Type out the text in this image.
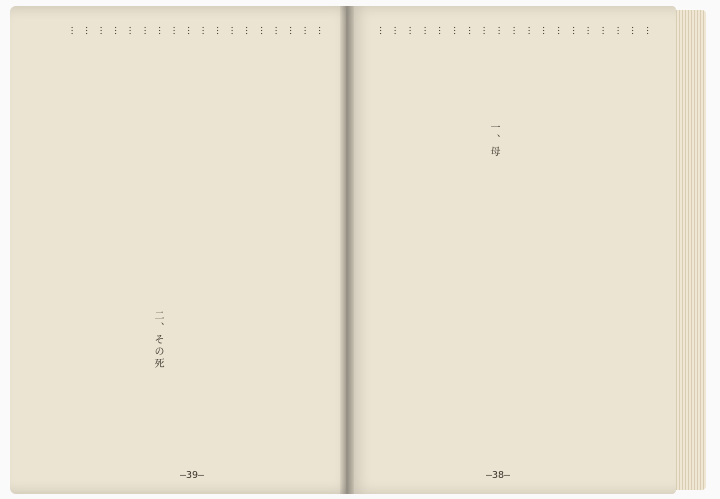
…
…
…
…
…
…
…
…
…
…
…
…
…
…
…
…
…
…	…
…
…
…
…
…
…
…
…
…
…
…
…
…
…
…
…
…
…
一、母
二、その死
—39—	—38—
